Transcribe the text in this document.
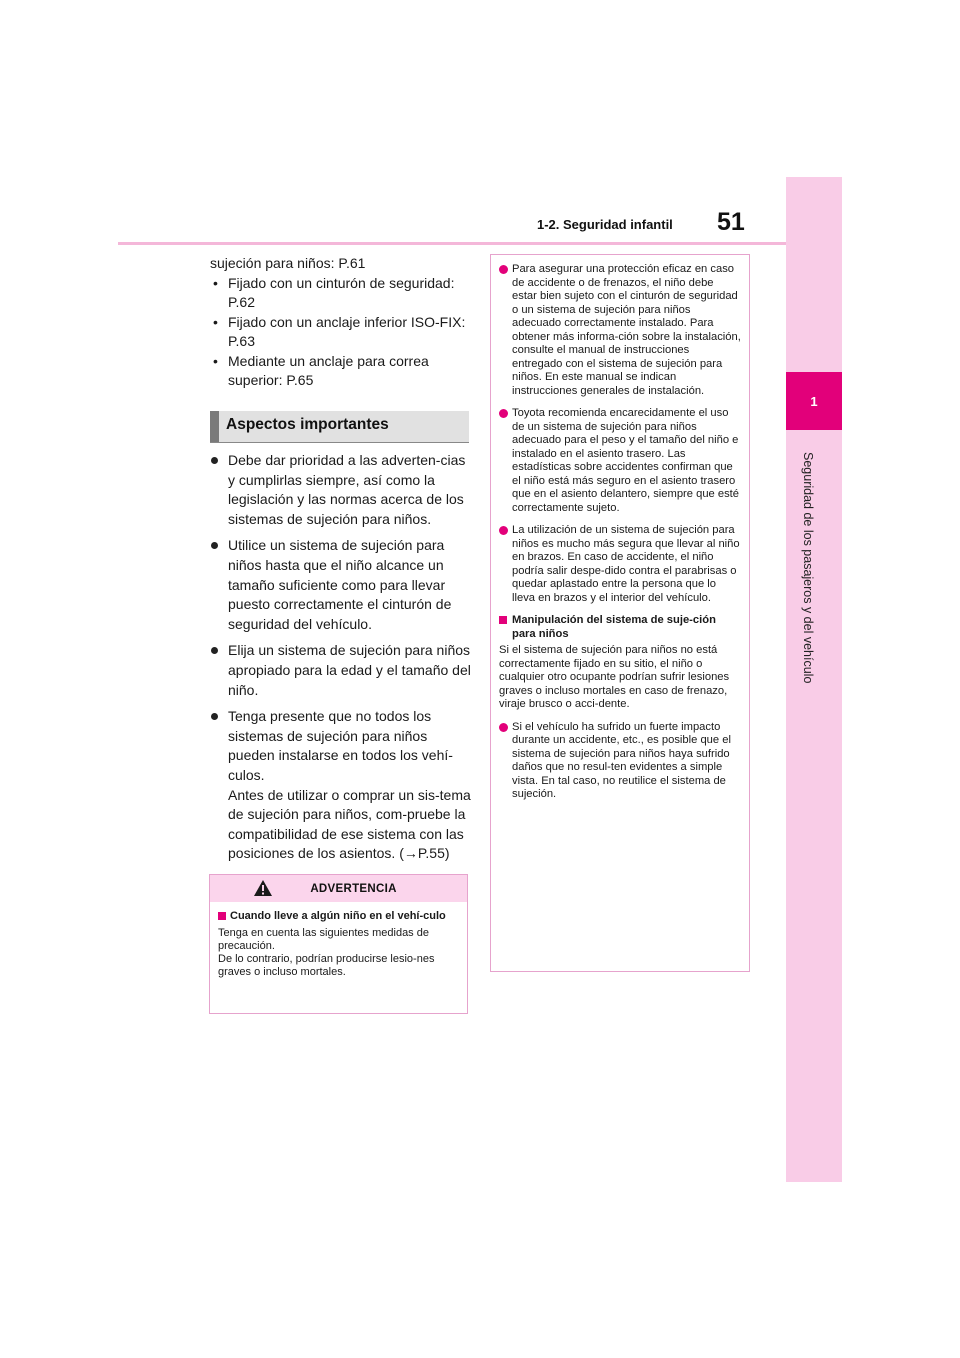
1-2. Seguridad infantil 51
1
Seguridad de los pasajeros y del vehículo

sujeción para niños: P.61

• Fijado con un cinturón de seguridad: P.62
• Fijado con un anclaje inferior ISO-FIX: P.63
• Mediante un anclaje para correa superior: P.65
Aspectos importantes

Debe dar prioridad a las adverten-cias y cumplirlas siempre, así como la legislación y las normas acerca de los sistemas de sujeción para niños.

Utilice un sistema de sujeción para niños hasta que el niño alcance un tamaño suficiente como para llevar puesto correctamente el cinturón de seguridad del vehículo.

Elija un sistema de sujeción para niños apropiado para la edad y el tamaño del niño.

Tenga presente que no todos los sistemas de sujeción para niños pueden instalarse en todos los vehí-culos.

Antes de utilizar o comprar un sis-tema de sujeción para niños, com-pruebe la compatibilidad de ese sistema con las posiciones de los asientos. (→P.55)

ADVERTENCIA
Cuando lleve a algún niño en el vehí-culo

Tenga en cuenta las siguientes medidas de precaución.

De lo contrario, podrían producirse lesio-nes graves o incluso mortales.

Para asegurar una protección eficaz en caso de accidente o de frenazos, el niño debe estar bien sujeto con el cinturón de seguridad o un sistema de sujeción para niños adecuado correctamente instalado. Para obtener más informa-ción sobre la instalación, consulte el manual de instrucciones entregado con el sistema de sujeción para niños. En este manual se indican instrucciones generales de instalación.

Toyota recomienda encarecidamente el uso de un sistema de sujeción para niños adecuado para el peso y el tamaño del niño e instalado en el asiento trasero. Las estadísticas sobre accidentes confirman que el niño está más seguro en el asiento trasero que en el asiento delantero, siempre que esté correctamente sujeto.

La utilización de un sistema de sujeción para niños es mucho más segura que llevar al niño en brazos. En caso de accidente, el niño podría salir despe-dido contra el parabrisas o quedar aplastado entre la persona que lo lleva en brazos y el interior del vehículo.

Manipulación del sistema de suje-ción para niños

Si el sistema de sujeción para niños no está correctamente fijado en su sitio, el niño o cualquier otro ocupante podrían sufrir lesiones graves o incluso mortales en caso de frenazo, viraje brusco o acci-dente.

Si el vehículo ha sufrido un fuerte impacto durante un accidente, etc., es posible que el sistema de sujeción para niños haya sufrido daños que no resul-ten evidentes a simple vista. En tal caso, no reutilice el sistema de sujeción.
